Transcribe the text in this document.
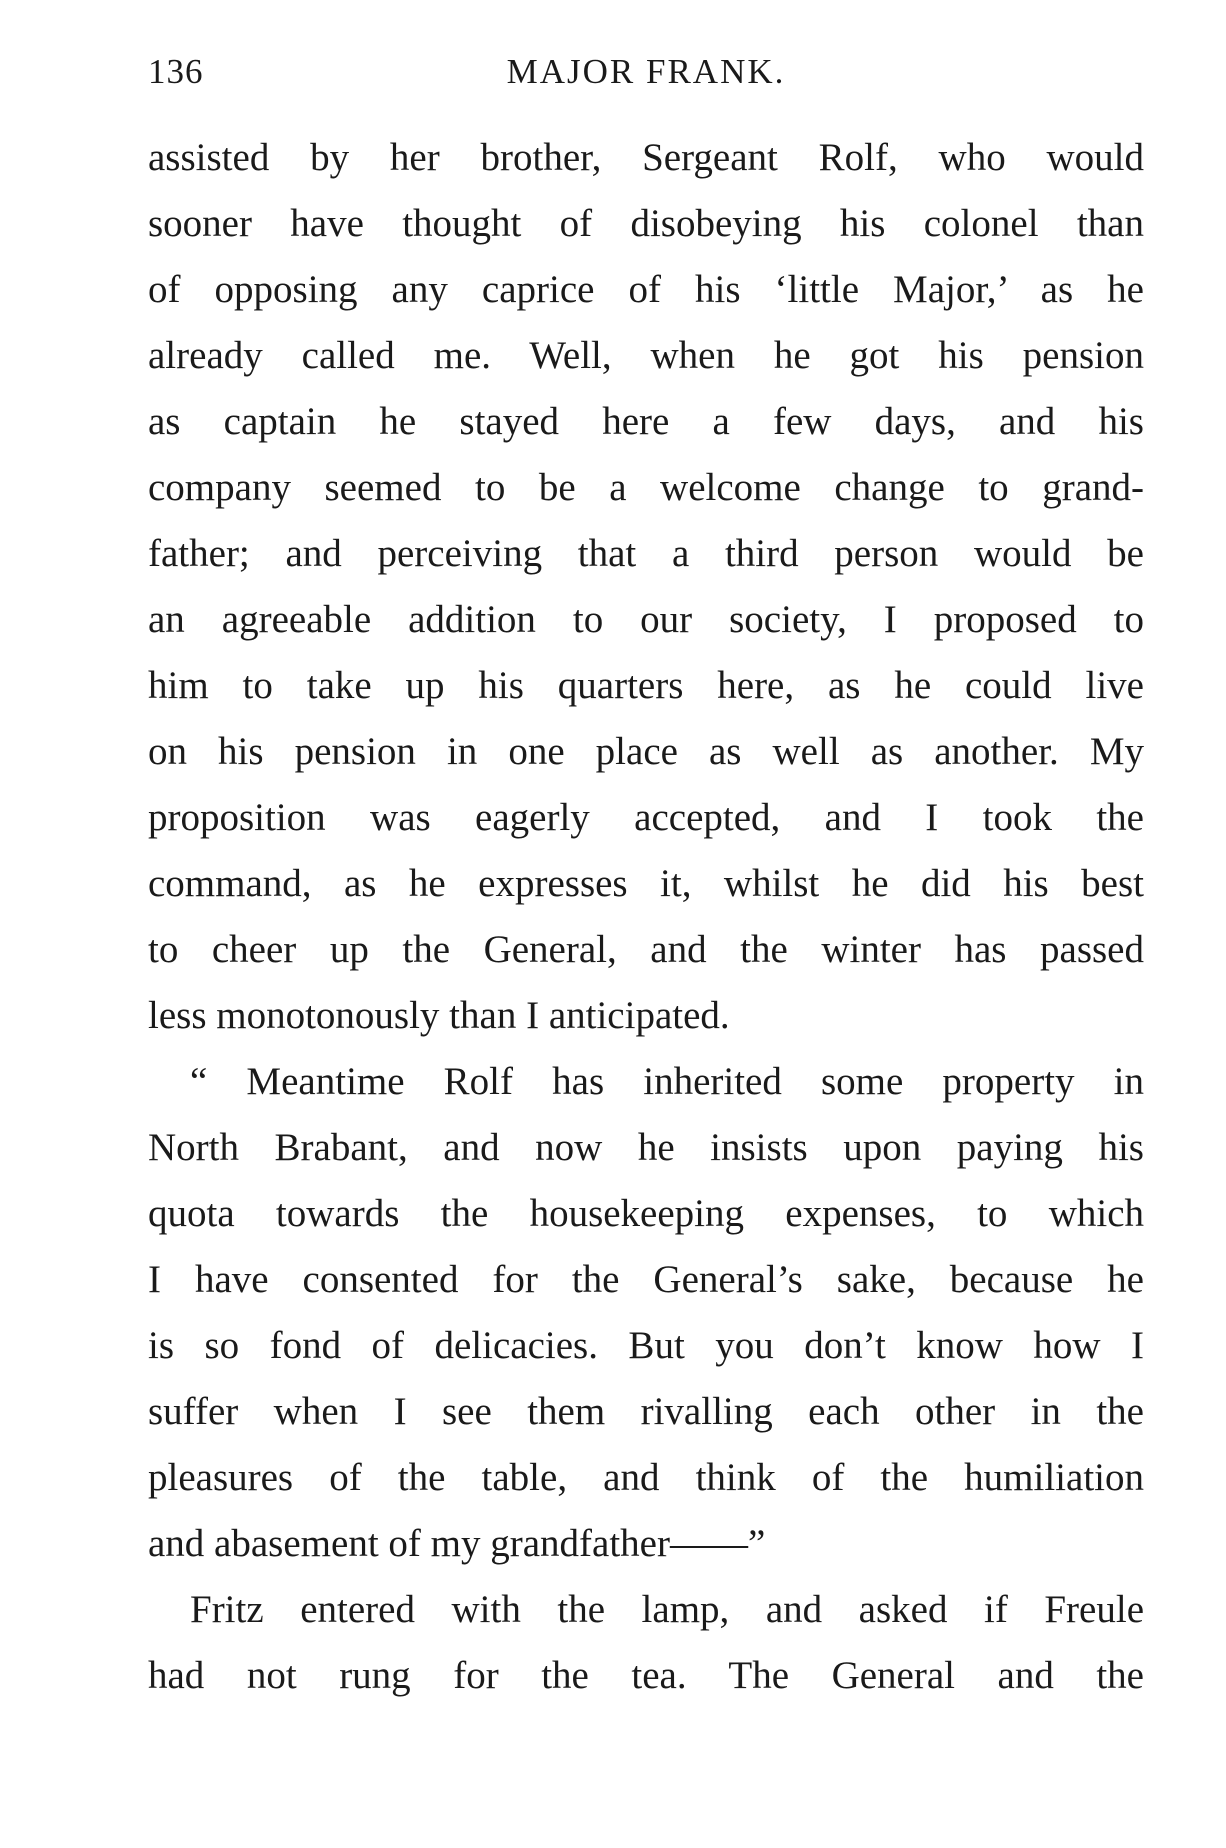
136	MAJOR FRANK.
assisted by her brother, Sergeant Rolf, who would
sooner have thought of disobeying his colonel than
of opposing any caprice of his ‘little Major,’ as he
already called me. Well, when he got his pension
as captain he stayed here a few days, and his
company seemed to be a welcome change to grand-
father; and perceiving that a third person would be
an agreeable addition to our society, I proposed to
him to take up his quarters here, as he could live
on his pension in one place as well as another. My
proposition was eagerly accepted, and I took the
command, as he expresses it, whilst he did his best
to cheer up the General, and the winter has passed
less monotonously than I anticipated.
“ Meantime Rolf has inherited some property in
North Brabant, and now he insists upon paying his
quota towards the housekeeping expenses, to which
I have consented for the General’s sake, because he
is so fond of delicacies. But you don’t know how I
suffer when I see them rivalling each other in the
pleasures of the table, and think of the humiliation
and abasement of my grandfather——”
Fritz entered with the lamp, and asked if Freule
had not rung for the tea. The General and the
